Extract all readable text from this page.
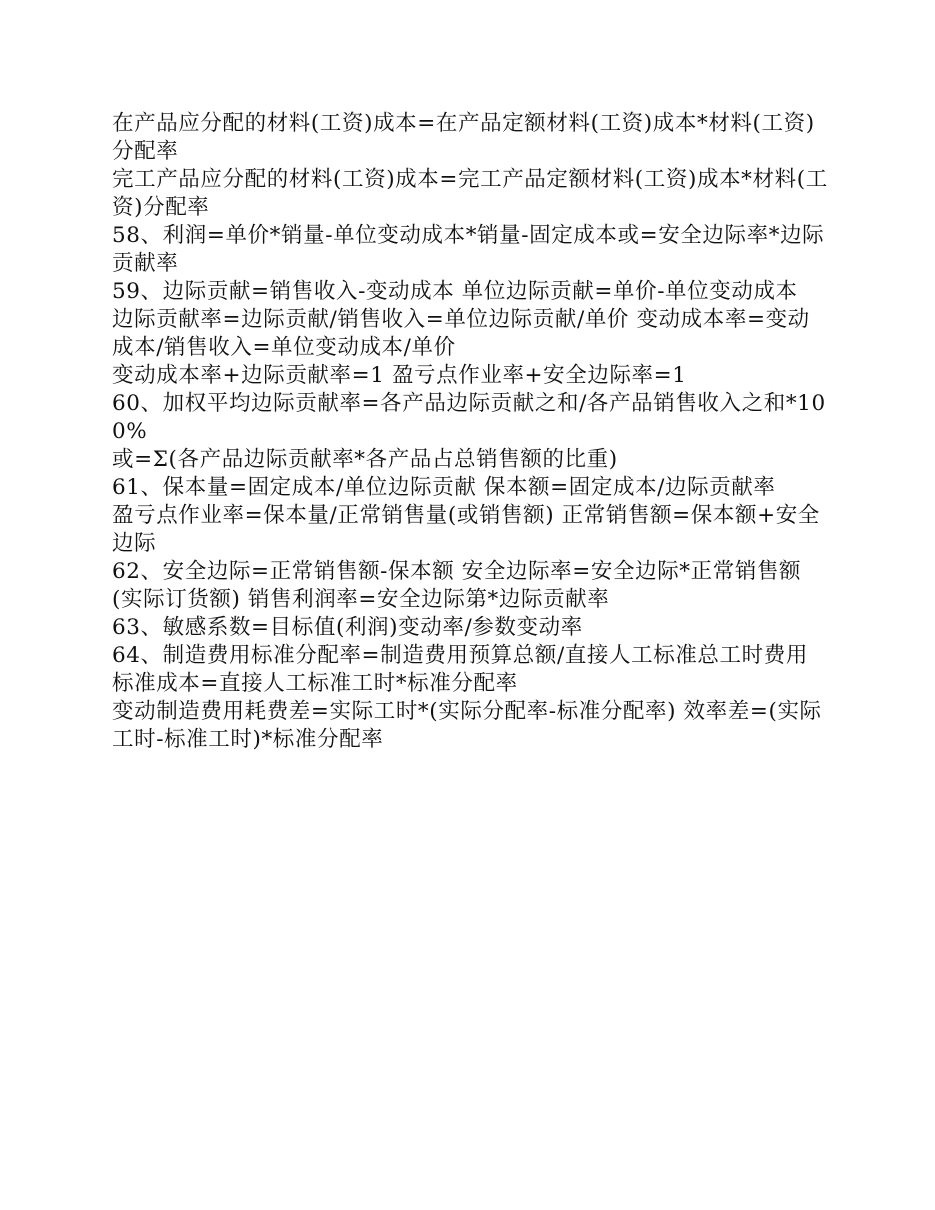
在产品应分配的材料(工资)成本=在产品定额材料(工资)成本*材料(工资)分配率

完工产品应分配的材料(工资)成本=完工产品定额材料(工资)成本*材料(工资)分配率

58、利润=单价*销量-单位变动成本*销量-固定成本或=安全边际率*边际贡献率

59、边际贡献=销售收入-变动成本 单位边际贡献=单价-单位变动成本

边际贡献率=边际贡献/销售收入=单位边际贡献/单价 变动成本率=变动成本/销售收入=单位变动成本/单价

变动成本率+边际贡献率=1 盈亏点作业率+安全边际率=1

60、加权平均边际贡献率=各产品边际贡献之和/各产品销售收入之和*100%

或=Σ(各产品边际贡献率*各产品占总销售额的比重)

61、保本量=固定成本/单位边际贡献 保本额=固定成本/边际贡献率

盈亏点作业率=保本量/正常销售量(或销售额) 正常销售额=保本额+安全边际

62、安全边际=正常销售额-保本额 安全边际率=安全边际*正常销售额(实际订货额) 销售利润率=安全边际第*边际贡献率

63、敏感系数=目标值(利润)变动率/参数变动率

64、制造费用标准分配率=制造费用预算总额/直接人工标准总工时费用标准成本=直接人工标准工时*标准分配率

变动制造费用耗费差=实际工时*(实际分配率-标准分配率) 效率差=(实际工时-标准工时)*标准分配率
